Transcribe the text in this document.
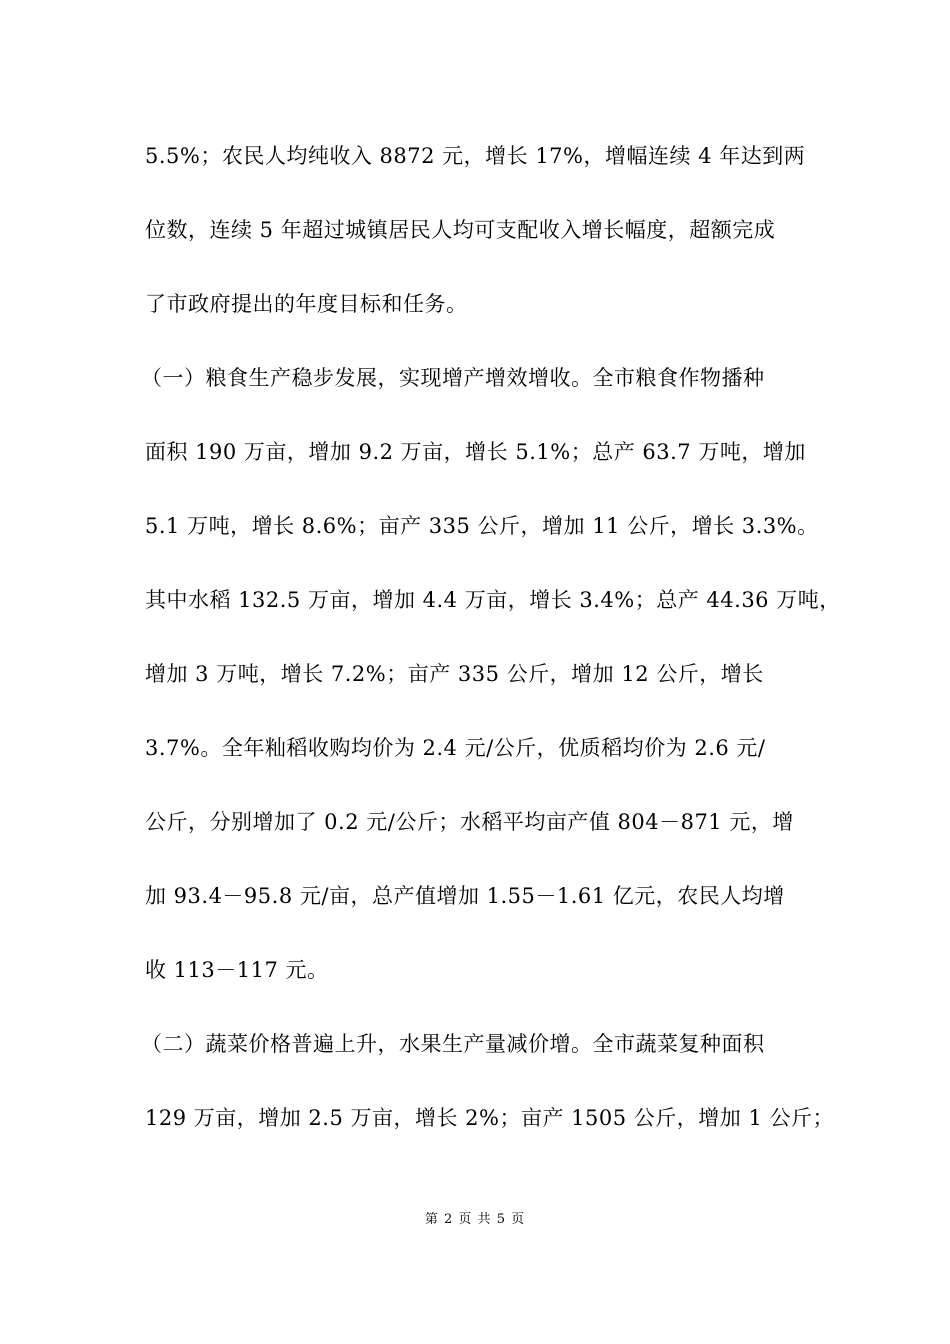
5.5%；农民人均纯收入 8872 元，增长 17%，增幅连续 4 年达到两
位数，连续 5 年超过城镇居民人均可支配收入增长幅度，超额完成
了市政府提出的年度目标和任务。
（一）粮食生产稳步发展，实现增产增效增收。全市粮食作物播种
面积 190 万亩，增加 9.2 万亩，增长 5.1%；总产 63.7 万吨，增加
5.1 万吨，增长 8.6%；亩产 335 公斤，增加 11 公斤，增长 3.3%。
其中水稻 132.5 万亩，增加 4.4 万亩，增长 3.4%；总产 44.36 万吨，
增加 3 万吨，增长 7.2%；亩产 335 公斤，增加 12 公斤，增长
3.7%。全年籼稻收购均价为 2.4 元/公斤，优质稻均价为 2.6 元/
公斤，分别增加了 0.2 元/公斤；水稻平均亩产值 804－871 元，增
加 93.4－95.8 元/亩，总产值增加 1.55－1.61 亿元，农民人均增
收 113－117 元。
（二）蔬菜价格普遍上升，水果生产量减价增。全市蔬菜复种面积
129 万亩，增加 2.5 万亩，增长 2%；亩产 1505 公斤，增加 1 公斤；
第 2 页 共 5 页
